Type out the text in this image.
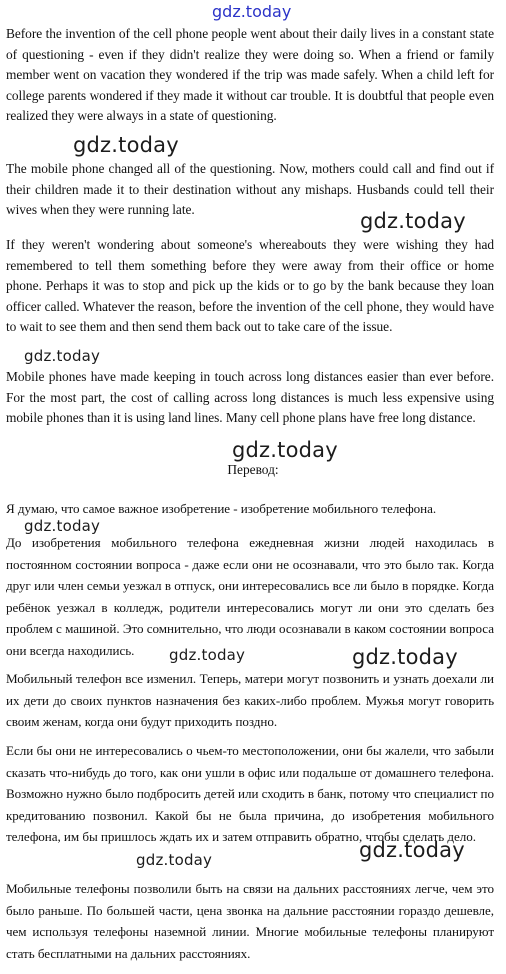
Before the invention of the cell phone people went about their daily lives in a constant state of questioning - even if they didn't realize they were doing so. When a friend or family member went on vacation they wondered if the trip was made safely. When a child left for college parents wondered if they made it without car trouble. It is doubtful that people even realized they were always in a state of questioning.

The mobile phone changed all of the questioning. Now, mothers could call and find out if their children made it to their destination without any mishaps. Husbands could tell their wives when they were running late.

If they weren't wondering about someone's whereabouts they were wishing they had remembered to tell them something before they were away from their office or home phone. Perhaps it was to stop and pick up the kids or to go by the bank because they loan officer called. Whatever the reason, before the invention of the cell phone, they would have to wait to see them and then send them back out to take care of the issue.

Mobile phones have made keeping in touch across long distances easier than ever before. For the most part, the cost of calling across long distances is much less expensive using mobile phones than it is using land lines. Many cell phone plans have free long distance.

Перевод:

Я думаю, что самое важное изобретение - изобретение мобильного телефона.

До изобретения мобильного телефона ежедневная жизни людей находилась в постоянном состоянии вопроса - даже если они не осознавали, что это было так. Когда друг или член семьи уезжал в отпуск, они интересовались все ли было в порядке. Когда ребёнок уезжал в колледж, родители интересовались могут ли они это сделать без проблем с машиной. Это сомнительно, что люди осознавали в каком состоянии вопроса они всегда находились.

Мобильный телефон все изменил. Теперь, матери могут позвонить и узнать доехали ли их дети до своих пунктов назначения без каких-либо проблем. Мужья могут говорить своим женам, когда они будут приходить поздно.

Если бы они не интересовались о чьем-то местоположении, они бы жалели, что забыли сказать что-нибудь до того, как они ушли в офис или подальше от домашнего телефона. Возможно нужно было подбросить детей или сходить в банк, потому что специалист по кредитованию позвонил. Какой бы не была причина, до изобретения мобильного телефона, им бы пришлось ждать их и затем отправить обратно, чтобы сделать дело.

Мобильные телефоны позволили быть на связи на дальних расстояниях легче, чем это было раньше. По большей части, цена звонка на дальние расстоянии гораздо дешевле, чем используя телефоны наземной линии. Многие мобильные телефоны планируют стать бесплатными на дальних расстояниях.

gdz.today
gdz.today
gdz.today
gdz.today
gdz.today
gdz.today
gdz.today	gdz.today
gdz.today
gdz.today
